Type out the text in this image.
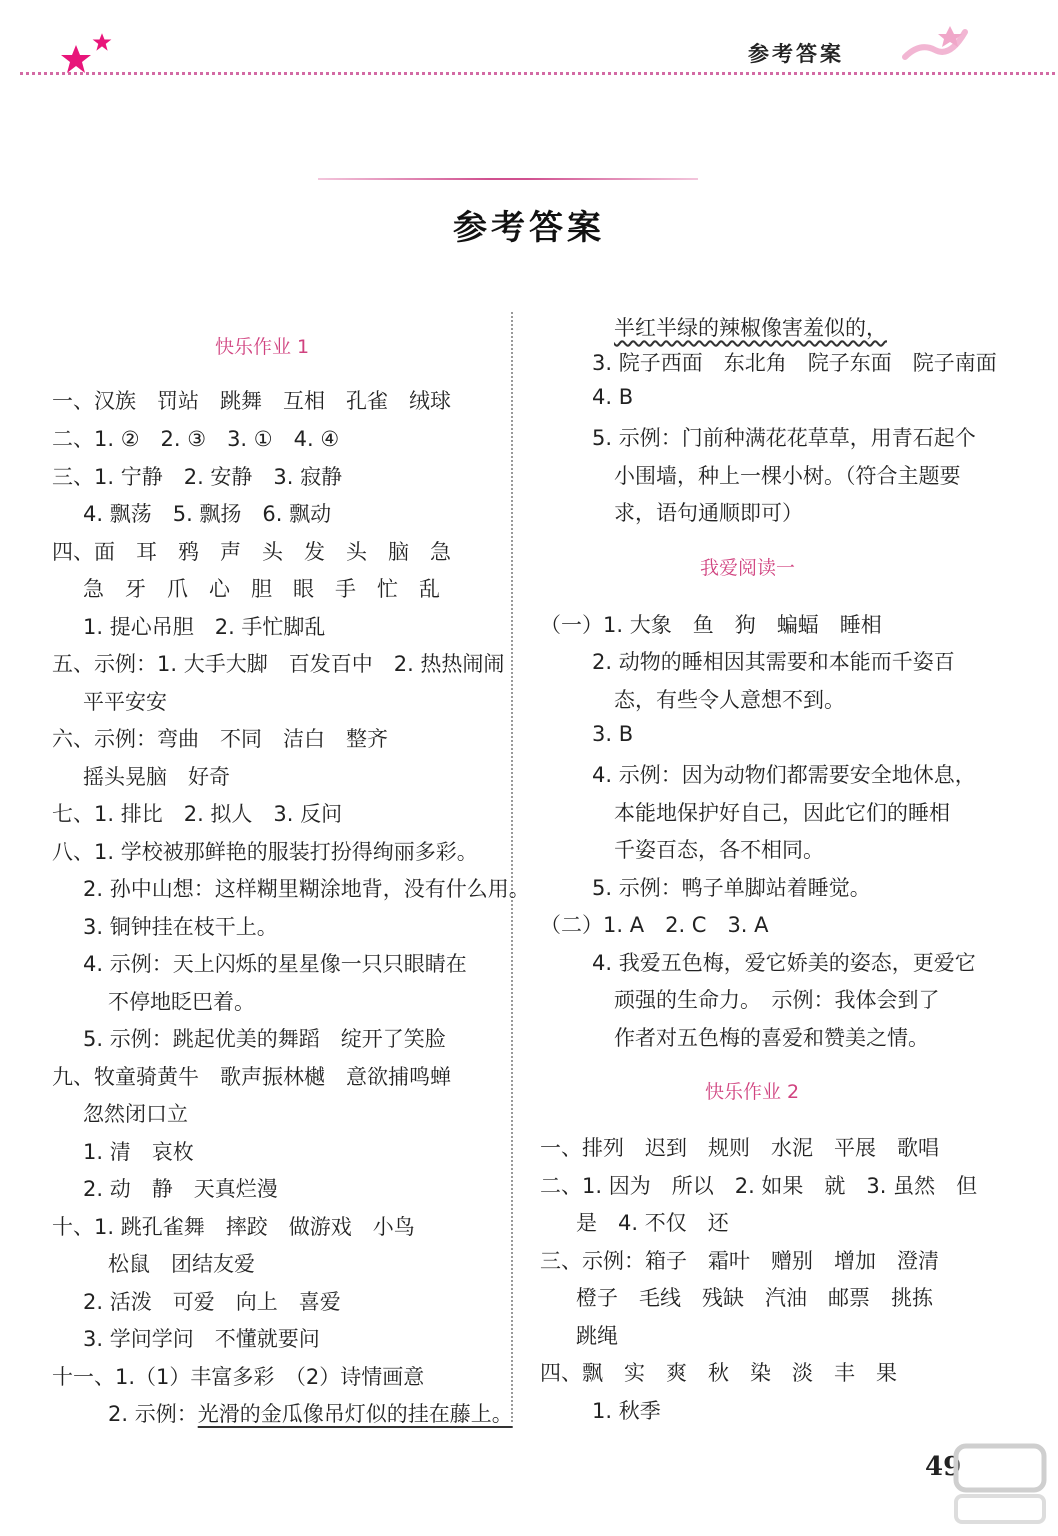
参考答案
参考答案
快乐作业 1
一、汉族　罚站　跳舞　互相　孔雀　绒球
二、1. ②　2. ③　3. ①　4. ④
三、1. 宁静　2. 安静　3. 寂静
4. 飘荡　5. 飘扬　6. 飘动
四、面　耳　鸦　声　头　发　头　脑　急
急　牙　爪　心　胆　眼　手　忙　乱
1. 提心吊胆　2. 手忙脚乱
五、示例：1. 大手大脚　百发百中　2. 热热闹闹
平平安安
六、示例：弯曲　不同　洁白　整齐
摇头晃脑　好奇
七、1. 排比　2. 拟人　3. 反问
八、1. 学校被那鲜艳的服装打扮得绚丽多彩。
2. 孙中山想：这样糊里糊涂地背，没有什么用。
3. 铜钟挂在枝干上。
4. 示例：天上闪烁的星星像一只只眼睛在
不停地眨巴着。
5. 示例：跳起优美的舞蹈　绽开了笑脸
九、牧童骑黄牛　歌声振林樾　意欲捕鸣蝉
忽然闭口立
1. 清　哀枚
2. 动　静　天真烂漫
十、1. 跳孔雀舞　摔跤　做游戏　小鸟
松鼠　团结友爱
2. 活泼　可爱　向上　喜爱
3. 学问学问　不懂就要问
十一、1.（1）丰富多彩　（2）诗情画意
2. 示例：光滑的金瓜像吊灯似的挂在藤上。
半红半绿的辣椒像害羞似的，
3. 院子西面　东北角　院子东面　院子南面
4. B
5. 示例：门前种满花花草草，用青石起个
小围墙，种上一棵小树。（符合主题要
求，语句通顺即可）
我爱阅读一
（一）1. 大象　鱼　狗　蝙蝠　睡相
2. 动物的睡相因其需要和本能而千姿百
态，有些令人意想不到。
3. B
4. 示例：因为动物们都需要安全地休息，
本能地保护好自己，因此它们的睡相
千姿百态，各不相同。
5. 示例：鸭子单脚站着睡觉。
（二）1. A　2. C　3. A
4. 我爱五色梅，爱它娇美的姿态，更爱它
顽强的生命力。　示例：我体会到了
作者对五色梅的喜爱和赞美之情。
快乐作业 2
一、排列　迟到　规则　水泥　平展　歌唱
二、1. 因为　所以　2. 如果　就　3. 虽然　但
是　4. 不仅　还
三、示例：箱子　霜叶　赠别　增加　澄清
橙子　毛线　残缺　汽油　邮票　挑拣
跳绳
四、飘　实　爽　秋　染　淡　丰　果
1. 秋季
49
